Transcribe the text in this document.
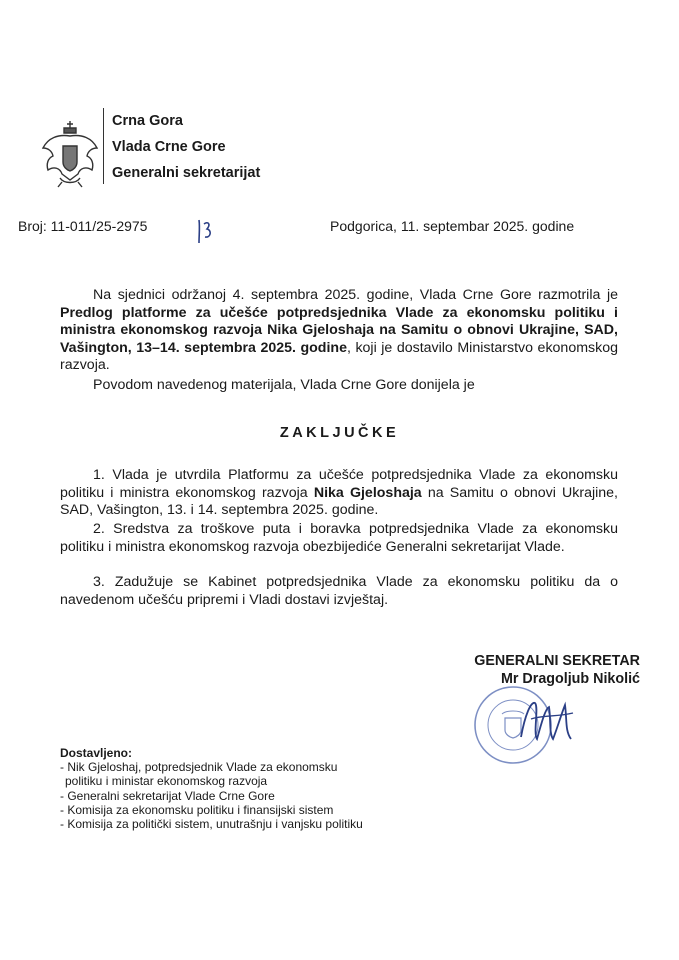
Crna Gora
Vlada Crne Gore
Generalni sekretarijat
Broj: 11-011/25-2975	Podgorica, 11. septembar 2025. godine
Na sjednici održanoj 4. septembra 2025. godine, Vlada Crne Gore razmotrila je Predlog platforme za učešće potpredsjednika Vlade za ekonomsku politiku i ministra ekonomskog razvoja Nika Gjeloshaja na Samitu o obnovi Ukrajine, SAD, Vašington, 13–14. septembra 2025. godine, koji je dostavilo Ministarstvo ekonomskog razvoja.
Povodom navedenog materijala, Vlada Crne Gore donijela je
ZAKLJUČKE
1. Vlada je utvrdila Platformu za učešće potpredsjednika Vlade za ekonomsku politiku i ministra ekonomskog razvoja Nika Gjeloshaja na Samitu o obnovi Ukrajine, SAD, Vašington, 13. i 14. septembra 2025. godine.
2. Sredstva za troškove puta i boravka potpredsjednika Vlade za ekonomsku politiku i ministra ekonomskog razvoja obezbijediće Generalni sekretarijat Vlade.
3. Zadužuje se Kabinet potpredsjednika Vlade za ekonomsku politiku da o navedenom učešću pripremi i Vladi dostavi izvještaj.
GENERALNI SEKRETAR
Mr Dragoljub Nikolić
Dostavljeno:
- Nik Gjeloshaj, potpredsjednik Vlade za ekonomsku
politiku i ministar ekonomskog razvoja
- Generalni sekretarijat Vlade Crne Gore
- Komisija za ekonomsku politiku i finansijski sistem
- Komisija za politički sistem, unutrašnju i vanjsku politiku
